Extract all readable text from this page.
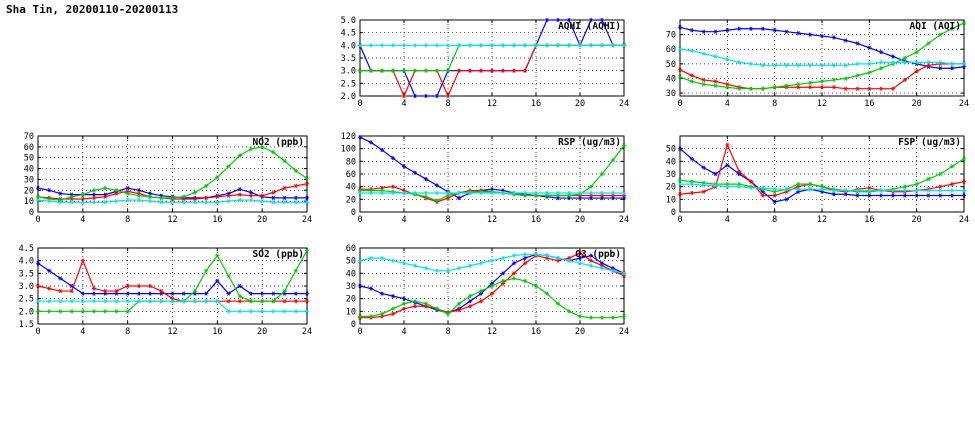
Sha Tin, 20200110-20200113
0	4	8	12	16	20	24
2.0
2.5
3.0
3.5
4.0
4.5
5.0	AQHI (AQHI)
0	4	8	12	16	20	24
30
40
50
60
70
AQI (AQI)
0	4	8	12	16	20	24
0
10
20
30
40
50
60
70	NO2 (ppb)
0	4	8	12	16	20	24
0
20
40
60
80
100
120	RSP (ug/m3)
0	4	8	12	16	20	24
0
10
20
30
40
50
FSP (ug/m3)
0	4	8	12	16	20	24
1.5
2.0
2.5
3.0
3.5
4.0
4.5	SO2 (ppb)
0	4	8	12	16	20	24
0
10
20
30
40
50
60	O3 (ppb)
